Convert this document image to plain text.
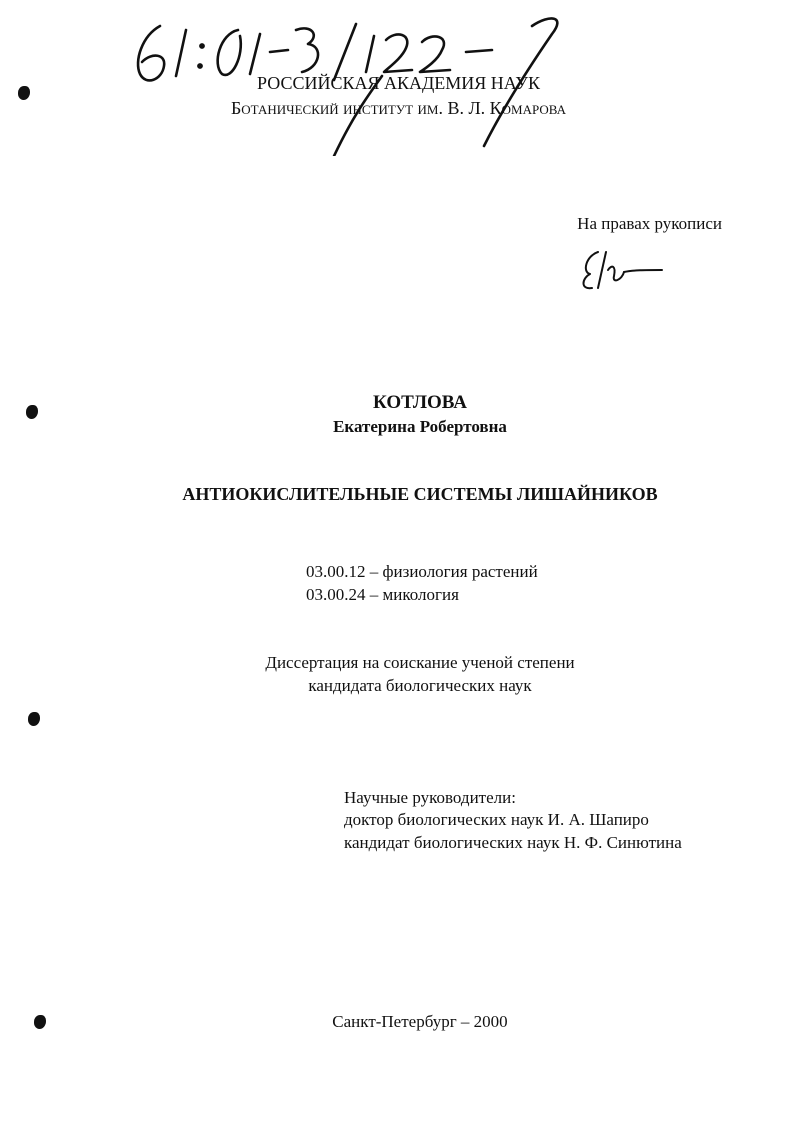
РОССИЙСКАЯ АКАДЕМИЯ НАУК
Ботанический институт им. В. Л. Комарова
На правах рукописи
КОТЛОВА
Екатерина Робертовна
АНТИОКИСЛИТЕЛЬНЫЕ СИСТЕМЫ ЛИШАЙНИКОВ
03.00.12 – физиология растений
03.00.24 – микология
Диссертация на соискание ученой степени
кандидата биологических наук
Научные руководители:
доктор биологических наук И. А. Шапиро
кандидат биологических наук Н. Ф. Синютина
Санкт-Петербург – 2000
